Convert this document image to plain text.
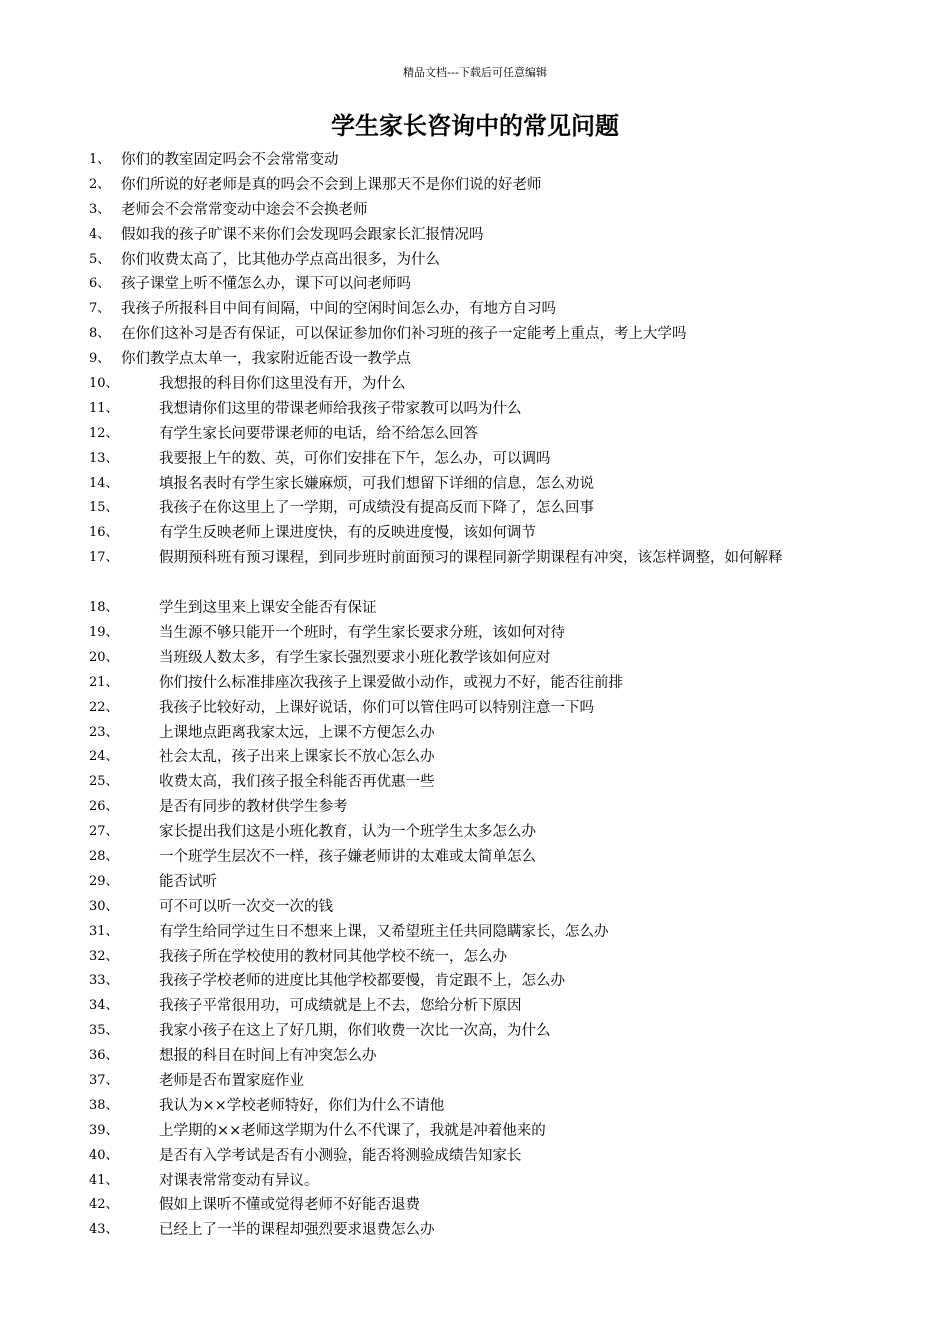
精品文档---下载后可任意编辑
学生家长咨询中的常见问题
1、 你们的教室固定吗会不会常常变动
2、 你们所说的好老师是真的吗会不会到上课那天不是你们说的好老师
3、 老师会不会常常变动中途会不会换老师
4、 假如我的孩子旷课不来你们会发现吗会跟家长汇报情况吗
5、 你们收费太高了，比其他办学点高出很多，为什么
6、 孩子课堂上听不懂怎么办，课下可以问老师吗
7、 我孩子所报科目中间有间隔，中间的空闲时间怎么办，有地方自习吗
8、 在你们这补习是否有保证，可以保证参加你们补习班的孩子一定能考上重点，考上大学吗
9、 你们教学点太单一，我家附近能否设一教学点
10、	我想报的科目你们这里没有开，为什么
11、	我想请你们这里的带课老师给我孩子带家教可以吗为什么
12、	有学生家长问要带课老师的电话，给不给怎么回答
13、	我要报上午的数、英，可你们安排在下午，怎么办，可以调吗
14、	填报名表时有学生家长嫌麻烦，可我们想留下详细的信息，怎么劝说
15、	我孩子在你这里上了一学期，可成绩没有提高反而下降了，怎么回事
16、	有学生反映老师上课进度快，有的反映进度慢，该如何调节
17、	假期预科班有预习课程，到同步班时前面预习的课程同新学期课程有冲突，该怎样调整，如何解释
18、	学生到这里来上课安全能否有保证
19、	当生源不够只能开一个班时，有学生家长要求分班，该如何对待
20、	当班级人数太多，有学生家长强烈要求小班化教学该如何应对
21、	你们按什么标准排座次我孩子上课爱做小动作，或视力不好，能否往前排
22、	我孩子比较好动，上课好说话，你们可以管住吗可以特别注意一下吗
23、	上课地点距离我家太远，上课不方便怎么办
24、	社会太乱，孩子出来上课家长不放心怎么办
25、	收费太高，我们孩子报全科能否再优惠一些
26、	是否有同步的教材供学生参考
27、	家长提出我们这是小班化教育，认为一个班学生太多怎么办
28、	一个班学生层次不一样，孩子嫌老师讲的太难或太简单怎么
29、	能否试听
30、	可不可以听一次交一次的钱
31、	有学生给同学过生日不想来上课，又希望班主任共同隐瞒家长，怎么办
32、	我孩子所在学校使用的教材同其他学校不统一，怎么办
33、	我孩子学校老师的进度比其他学校都要慢，肯定跟不上，怎么办
34、	我孩子平常很用功，可成绩就是上不去，您给分析下原因
35、	我家小孩子在这上了好几期，你们收费一次比一次高，为什么
36、	想报的科目在时间上有冲突怎么办
37、	老师是否布置家庭作业
38、	我认为××学校老师特好，你们为什么不请他
39、	上学期的××老师这学期为什么不代课了，我就是冲着他来的
40、	是否有入学考试是否有小测验，能否将测验成绩告知家长
41、	对课表常常变动有异议。
42、	假如上课听不懂或觉得老师不好能否退费
43、	已经上了一半的课程却强烈要求退费怎么办
